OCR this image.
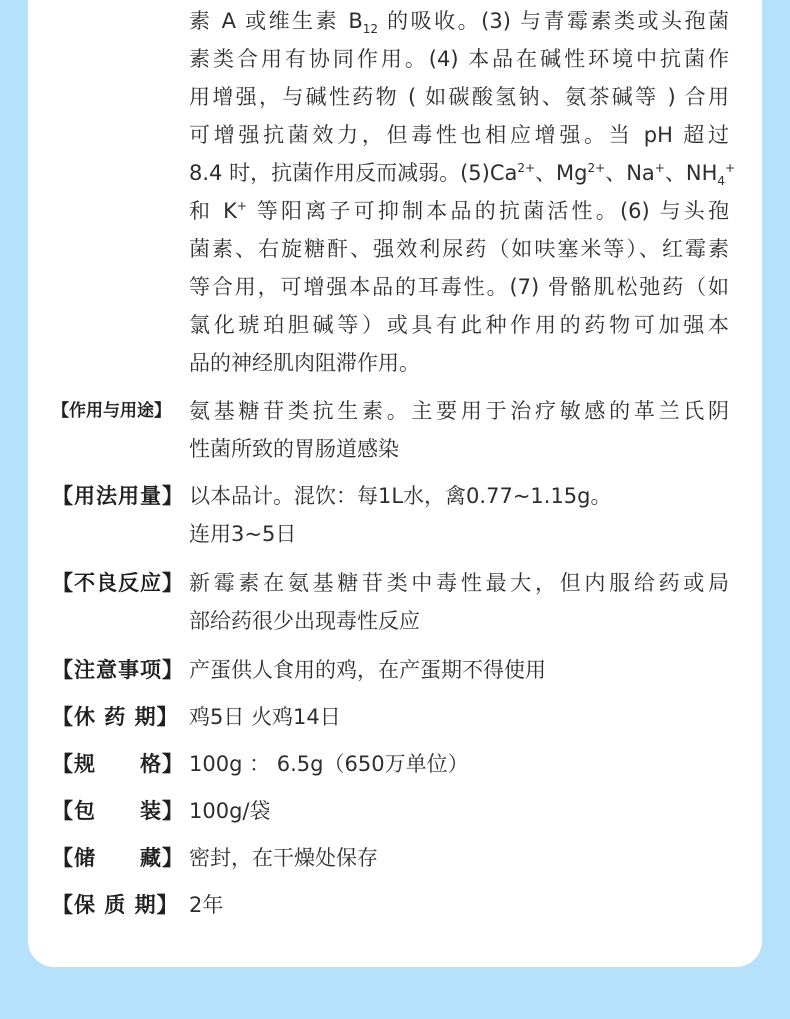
素 A 或维生素 $B_{12}$ 的吸收。(3) 与青霉素类或头孢菌
素类合用有协同作用。(4) 本品在碱性环境中抗菌作
用增强，与碱性药物 ( 如碳酸氢钠、氨茶碱等 ) 合用
可增强抗菌效力，但毒性也相应增强。当 pH 超过
8.4 时，抗菌作用反而减弱。$(5)Ca^{2+}$、$Mg^{2+}$、Na+、$NH_4^+$
和 K+ 等阳离子可抑制本品的抗菌活性。(6) 与头孢
菌素、右旋糖酐、强效利尿药（如呋塞米等）、红霉素
等合用，可增强本品的耳毒性。(7) 骨骼肌松弛药（如
氯化琥珀胆碱等）或具有此种作用的药物可加强本
品的神经肌肉阻滞作用。
【作用与用途】 氨基糖苷类抗生素。主要用于治疗敏感的革兰氏阴
性菌所致的胃肠道感染
【用法用量】 以本品计。混饮：每1L水，禽0.77~1.15g。
连用3~5日
【不良反应】 新霉素在氨基糖苷类中毒性最大，但内服给药或局
部给药很少出现毒性反应
【注意事项】 产蛋供人食用的鸡，在产蛋期不得使用
【休 药 期】 鸡5日 火鸡14日
【规　　格】 100g ： 6.5g（650万单位）
【包　　装】 100g/袋
【储　　藏】 密封，在干燥处保存
【保 质 期】 2年
